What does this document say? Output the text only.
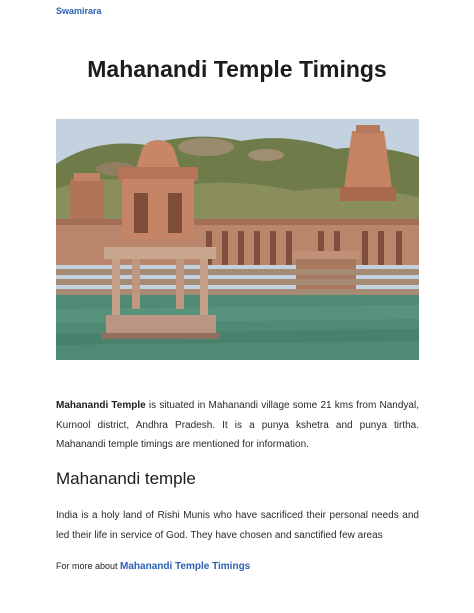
Swamirara
Mahanandi Temple Timings

Mahanandi Temple is situated in Mahanandi village some 21 kms from Nandyal, Kurnool district, Andhra Pradesh. It is a punya kshetra and punya tirtha. Mahanandi temple timings are mentioned for information.

Mahanandi temple

India is a holy land of Rishi Munis who have sacrificed their personal needs and led their life in service of God. They have chosen and sanctified few areas

For more about Mahanandi Temple Timings
